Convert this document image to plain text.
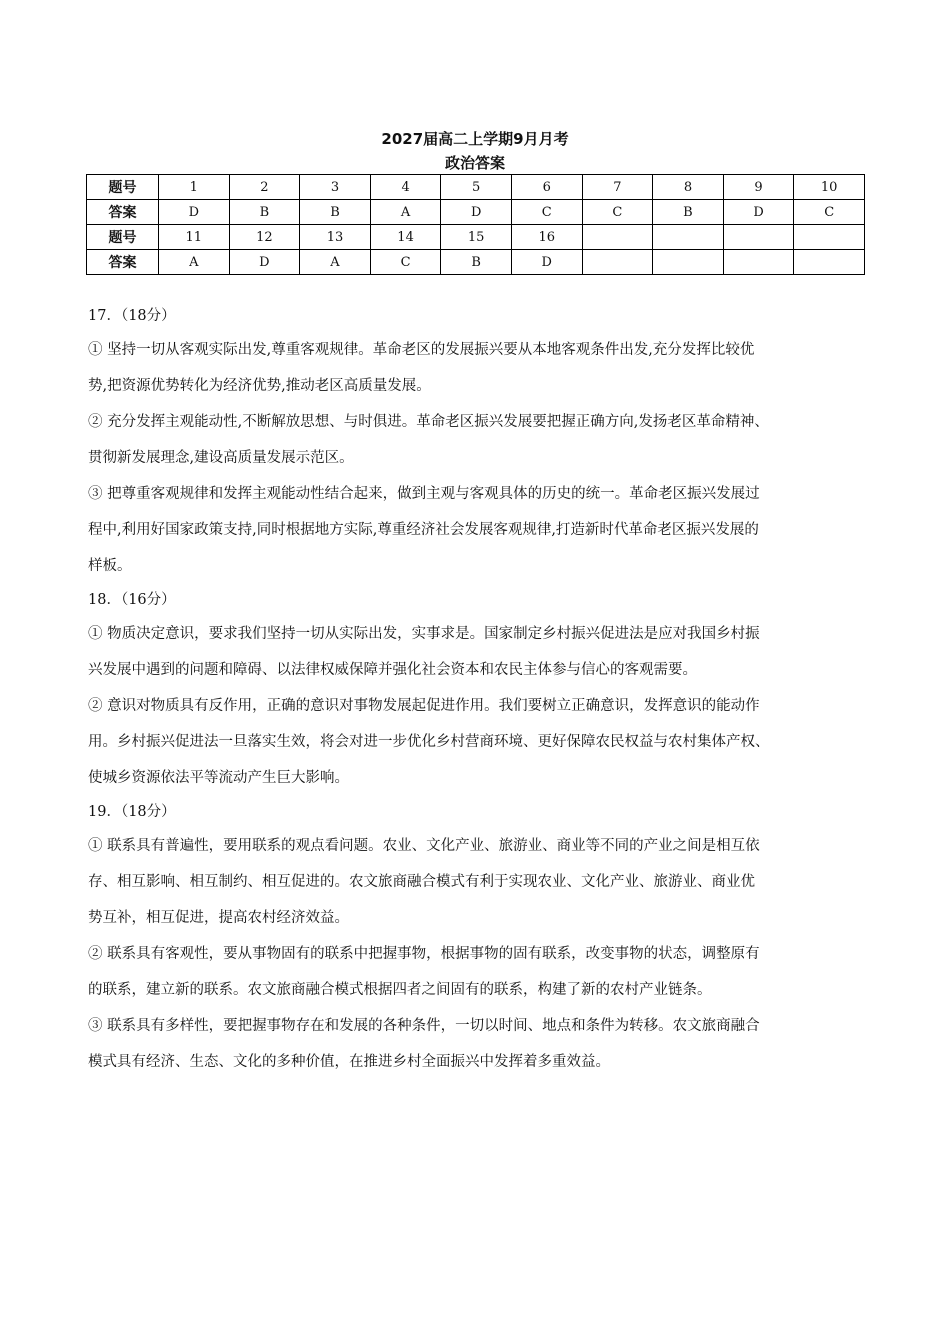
2027届高二上学期9月月考
政治答案
题号	1	2	3	4	5	6	7	8	9	10
答案	D	B	B	A	D	C	C	B	D	C
题号	11	12	13	14	15	16				
答案	A	D	A	C	B	D				
17．（18分）
① 坚持一切从客观实际出发,尊重客观规律。革命老区的发展振兴要从本地客观条件出发,充分发挥比较优
势,把资源优势转化为经济优势,推动老区高质量发展。
② 充分发挥主观能动性,不断解放思想、与时俱进。革命老区振兴发展要把握正确方向,发扬老区革命精神、
贯彻新发展理念,建设高质量发展示范区。
③ 把尊重客观规律和发挥主观能动性结合起来，做到主观与客观具体的历史的统一。革命老区振兴发展过
程中,利用好国家政策支持,同时根据地方实际,尊重经济社会发展客观规律,打造新时代革命老区振兴发展的
样板。
18．（16分）
① 物质决定意识，要求我们坚持一切从实际出发，实事求是。国家制定乡村振兴促进法是应对我国乡村振
兴发展中遇到的问题和障碍、以法律权威保障并强化社会资本和农民主体参与信心的客观需要。
② 意识对物质具有反作用，正确的意识对事物发展起促进作用。我们要树立正确意识，发挥意识的能动作
用。乡村振兴促进法一旦落实生效，将会对进一步优化乡村营商环境、更好保障农民权益与农村集体产权、
使城乡资源依法平等流动产生巨大影响。
19．（18分）
① 联系具有普遍性，要用联系的观点看问题。农业、文化产业、旅游业、商业等不同的产业之间是相互依
存、相互影响、相互制约、相互促进的。农文旅商融合模式有利于实现农业、文化产业、旅游业、商业优
势互补，相互促进，提高农村经济效益。
② 联系具有客观性，要从事物固有的联系中把握事物，根据事物的固有联系，改变事物的状态，调整原有
的联系，建立新的联系。农文旅商融合模式根据四者之间固有的联系，构建了新的农村产业链条。
③ 联系具有多样性，要把握事物存在和发展的各种条件，一切以时间、地点和条件为转移。农文旅商融合
模式具有经济、生态、文化的多种价值，在推进乡村全面振兴中发挥着多重效益。
